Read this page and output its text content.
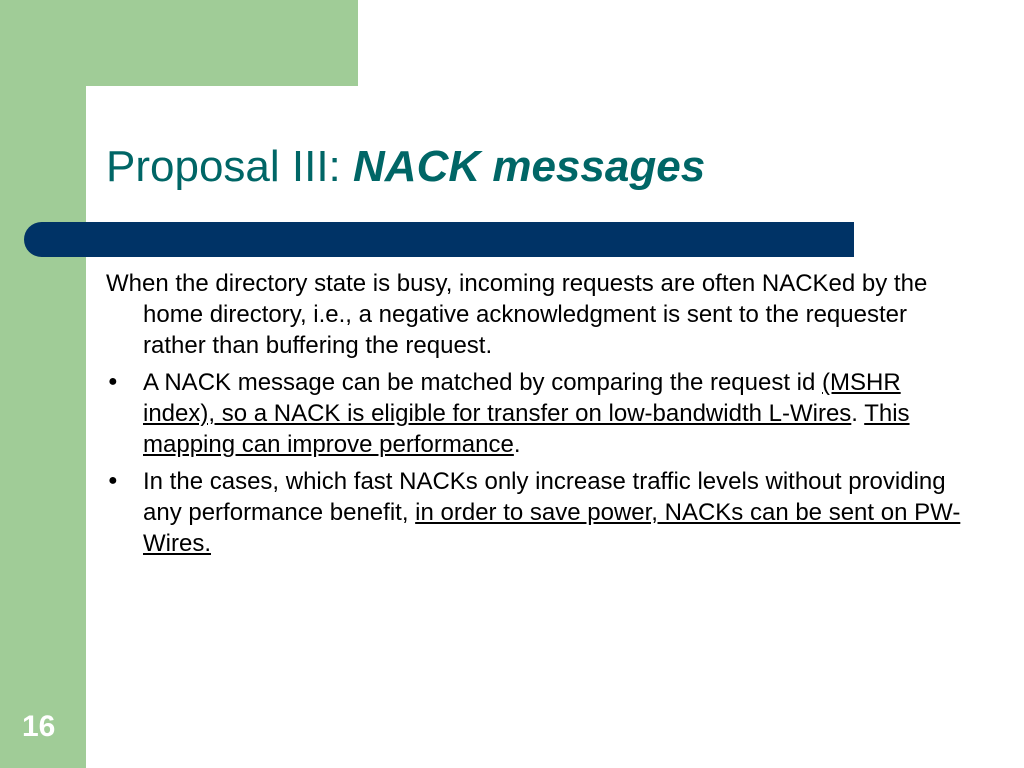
Proposal III: NACK messages

When the directory state is busy, incoming requests are often NACKed by the home directory, i.e., a negative acknowledgment is sent to the requester rather than buffering the request.

● A NACK message can be matched by comparing the request id (MSHR index), so a NACK is eligible for transfer on low-bandwidth L-Wires. This mapping can improve performance.
● In the cases, which fast NACKs only increase traffic levels without providing any performance benefit, in order to save power, NACKs can be sent on PW-Wires.
16
